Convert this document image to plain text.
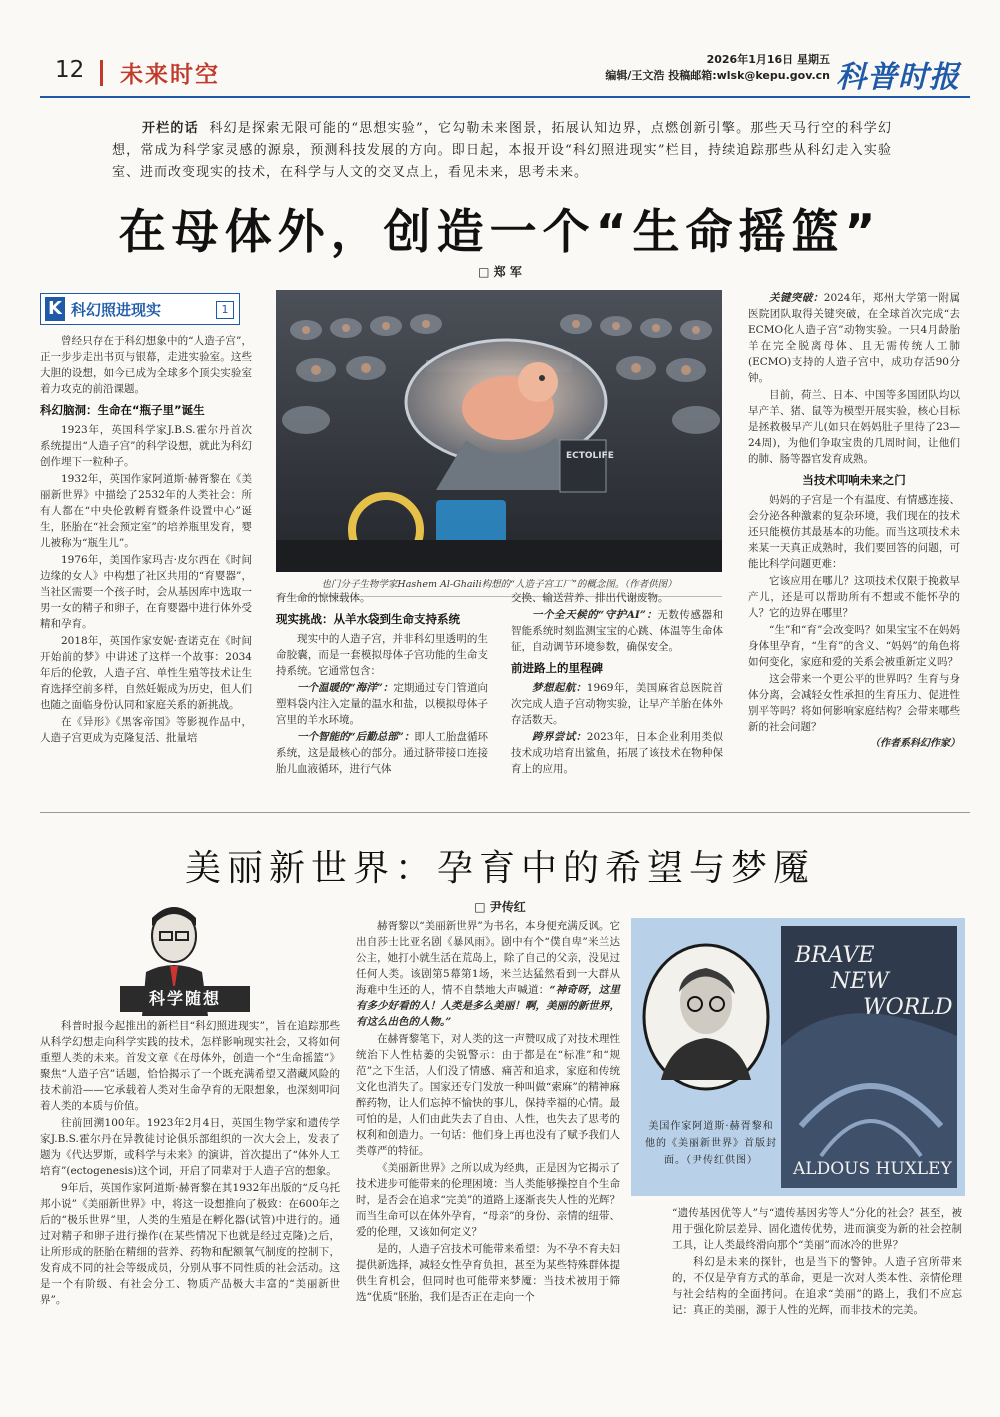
12 未来时空
2026年1月16日 星期五
编辑/王文浩 投稿邮箱:wlsk@kepu.gov.cn 科普时报
开栏的话 科幻是探索无限可能的“思想实验”，它勾勒未来图景，拓展认知边界，点燃创新引擎。那些天马行空的科学幻想，常成为科学家灵感的源泉，预测科技发展的方向。即日起，本报开设“科幻照进现实”栏目，持续追踪那些从科幻走入实验室、进而改变现实的技术，在科学与人文的交叉点上，看见未来，思考未来。
在母体外，创造一个“生命摇篮”
□ 郑 军
K 科幻照进现实	1

曾经只存在于科幻想象中的“人造子宫”，正一步步走出书页与银幕，走进实验室。这些大胆的设想，如今已成为全球多个顶尖实验室着力攻克的前沿课题。

科幻脑洞：生命在“瓶子里”诞生

1923年，英国科学家J.B.S.霍尔丹首次系统提出“人造子宫”的科学设想，就此为科幻创作埋下一粒种子。

1932年，英国作家阿道斯·赫胥黎在《美丽新世界》中描绘了2532年的人类社会：所有人都在“中央伦敦孵育暨条件设置中心”诞生，胚胎在“社会预定室”的培养瓶里发育，婴儿被称为“瓶生儿”。

1976年，美国作家玛吉·皮尔西在《时间边缘的女人》中构想了社区共用的“育婴器”，当社区需要一个孩子时，会从基因库中选取一男一女的精子和卵子，在育婴器中进行体外受精和孕育。

2018年，英国作家安妮·查诺克在《时间开始前的梦》中讲述了这样一个故事：2034年后的伦敦，人造子宫、单性生殖等技术让生育选择空前多样，自然妊娠成为历史，但人们也随之面临身份认同和家庭关系的新挑战。

在《异形》《黑客帝国》等影视作品中，人造子宫更成为克隆复活、批量培

ECTOLIFE
也门分子生物学家Hashem Al-Ghaili构想的“人造子宫工厂”的概念图。（作者供图）

育生命的惊悚载体。

现实挑战：从羊水袋到生命支持系统

现实中的人造子宫，并非科幻里透明的生命胶囊，而是一套模拟母体子宫功能的生命支持系统。它通常包含：

一个温暖的“海洋”：定期通过专门管道向塑料袋内注入定量的温水和盐，以模拟母体子宫里的羊水环境。

一个智能的“后勤总部”：即人工胎盘循环系统，这是最核心的部分。通过脐带接口连接胎儿血液循环，进行气体

交换、输送营养、排出代谢废物。

一个全天候的“守护AI”：无数传感器和智能系统时刻监测宝宝的心跳、体温等生命体征，自动调节环境参数，确保安全。

前进路上的里程碑

梦想起航：1969年，美国麻省总医院首次完成人造子宫动物实验，让早产羊胎在体外存活数天。

跨界尝试：2023年，日本企业利用类似技术成功培育出鲨鱼，拓展了该技术在物种保育上的应用。

关键突破：2024年，郑州大学第一附属医院团队取得关键突破，在全球首次完成“去ECMO化人造子宫”动物实验。一只4月龄胎羊在完全脱离母体、且无需传统人工肺(ECMO)支持的人造子宫中，成功存活90分钟。

目前，荷兰、日本、中国等多国团队均以早产羊、猪、鼠等为模型开展实验，核心目标是拯救极早产儿(如只在妈妈肚子里待了23—24周)，为他们争取宝贵的几周时间，让他们的肺、肠等器官发育成熟。

当技术叩响未来之门

妈妈的子宫是一个有温度、有情感连接、会分泌各种激素的复杂环境，我们现在的技术还只能模仿其最基本的功能。而当这项技术未来某一天真正成熟时，我们要回答的问题，可能比科学问题更难：

它该应用在哪儿？这项技术仅限于挽救早产儿，还是可以帮助所有不想或不能怀孕的人？它的边界在哪里？

“生”和“育”会改变吗？如果宝宝不在妈妈身体里孕育，“生育”的含义、“妈妈”的角色将如何变化，家庭和爱的关系会被重新定义吗？

这会带来一个更公平的世界吗？生育与身体分离，会减轻女性承担的生育压力、促进性别平等吗？将如何影响家庭结构？会带来哪些新的社会问题？

（作者系科幻作家）

美丽新世界：孕育中的希望与梦魇
□ 尹传红
科学随想

科普时报今起推出的新栏目“科幻照进现实”，旨在追踪那些从科学幻想走向科学实践的技术，怎样影响现实社会，又将如何重塑人类的未来。首发文章《在母体外，创造一个“生命摇篮”》聚焦“人造子宫”话题，恰恰揭示了一个既充满希望又潜藏风险的技术前沿——它承载着人类对生命孕育的无限想象，也深刻叩问着人类的本质与价值。

往前回溯100年。1923年2月4日，英国生物学家和遗传学家J.B.S.霍尔丹在异教徒讨论俱乐部组织的一次大会上，发表了题为《代达罗斯，或科学与未来》的演讲，首次提出了“体外人工培育”(ectogenesis)这个词，开启了同辈对于人造子宫的想象。

9年后，英国作家阿道斯·赫胥黎在其1932年出版的“反乌托邦小说”《美丽新世界》中，将这一设想推向了极致：在600年之后的“极乐世界”里，人类的生殖是在孵化器(试管)中进行的。通过对精子和卵子进行操作(在某些情况下也就是经过克隆)之后，让所形成的胚胎在精细的营养、药物和配额氧气制度的控制下，发育成不同的社会等级成员，分别从事不同性质的社会活动。这是一个有阶级、有社会分工、物质产品极大丰富的“美丽新世界”。

赫胥黎以“美丽新世界”为书名，本身便充满反讽。它出自莎士比亚名剧《暴风雨》。剧中有个“僕自卑”米兰达公主，她打小就生活在荒岛上，除了自己的父亲，没见过任何人类。该剧第5幕第1场，米兰达猛然看到一大群从海难中生还的人，情不自禁地大声喊道：“神奇呀，这里有多少好看的人！人类是多么美丽！啊，美丽的新世界，有这么出色的人物。”

在赫胥黎笔下，对人类的这一声赞叹成了对技术理性统治下人性枯萎的尖锐警示：由于都是在“标准”和“规范”之下生活，人们没了情感、痛苦和追求，家庭和传统文化也消失了。国家还专门发放一种叫做“索麻”的精神麻醉药物，让人们忘掉不愉快的事儿，保持幸福的心情。最可怕的是，人们由此失去了自由、人性，也失去了思考的权利和创造力。一句话：他们身上再也没有了赋予我们人类尊严的特征。

《美丽新世界》之所以成为经典，正是因为它揭示了技术进步可能带来的伦理困境：当人类能够操控自个生命时，是否会在追求“完美”的道路上逐渐丧失人性的光辉？而当生命可以在体外孕育，“母亲”的身份、亲情的纽带、爱的伦理，又该如何定义？

是的，人造子宫技术可能带来希望：为不孕不育夫妇提供新选择，减轻女性孕育负担，甚至为某些特殊群体提供生育机会，但同时也可能带来梦魇：当技术被用于筛选“优质”胚胎，我们是否正在走向一个

BRAVE
NEW
WORLD
ALDOUS HUXLEY
美国作家阿道斯·赫胥黎和他的《美丽新世界》首版封面。（尹传红供图）

“遗传基因优等人”与“遗传基因劣等人”分化的社会？甚至，被用于强化阶层差异、固化遗传优势，进而演变为新的社会控制工具，让人类最终滑向那个“美丽”而冰冷的世界？

科幻是未来的探针，也是当下的警钟。人造子宫所带来的，不仅是孕育方式的革命，更是一次对人类本性、亲情伦理与社会结构的全面拷问。在追求“美丽”的路上，我们不应忘记：真正的美丽，源于人性的光辉，而非技术的完美。
